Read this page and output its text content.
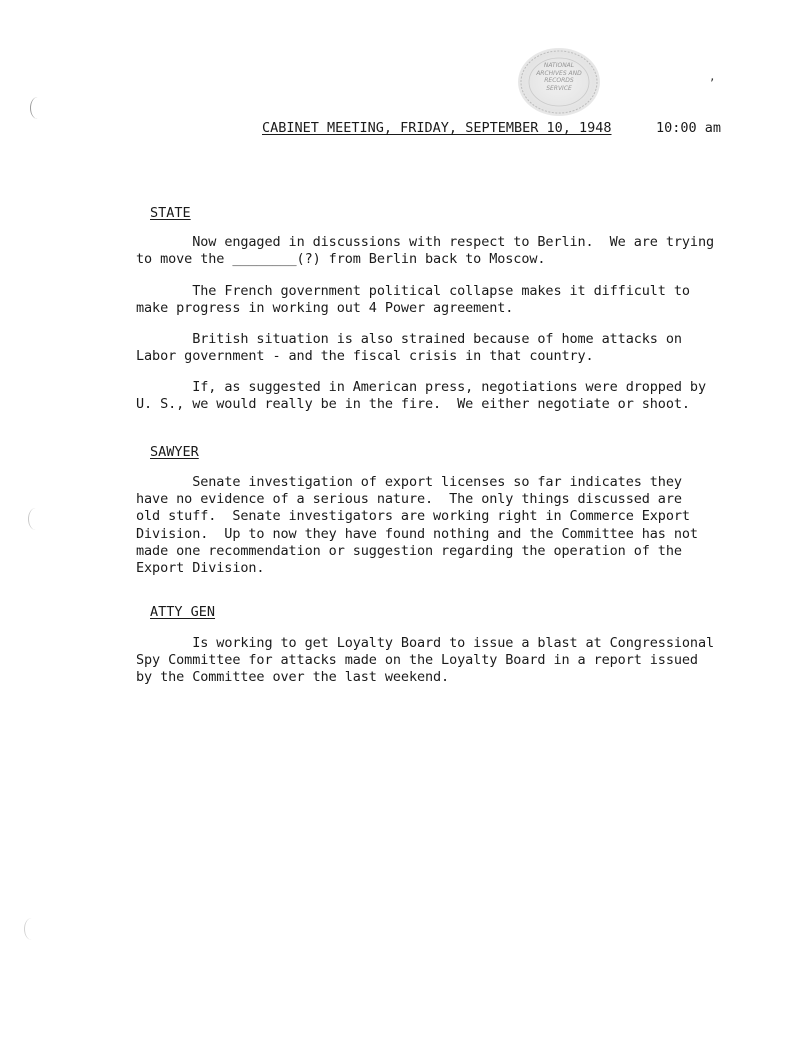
NATIONAL
ARCHIVES AND
RECORDS
SERVICE
,
CABINET MEETING, FRIDAY, SEPTEMBER 10, 1948	10:00 am

STATE

Now engaged in discussions with respect to Berlin.  We are trying
to move the ________(?) from Berlin back to Moscow.

The French government political collapse makes it difficult to
make progress in working out 4 Power agreement.

British situation is also strained because of home attacks on
Labor government - and the fiscal crisis in that country.

If, as suggested in American press, negotiations were dropped by
U. S., we would really be in the fire.  We either negotiate or shoot.

SAWYER

Senate investigation of export licenses so far indicates they
have no evidence of a serious nature.  The only things discussed are
old stuff.  Senate investigators are working right in Commerce Export
Division.  Up to now they have found nothing and the Committee has not
made one recommendation or suggestion regarding the operation of the
Export Division.

ATTY GEN

Is working to get Loyalty Board to issue a blast at Congressional
Spy Committee for attacks made on the Loyalty Board in a report issued
by the Committee over the last weekend.
